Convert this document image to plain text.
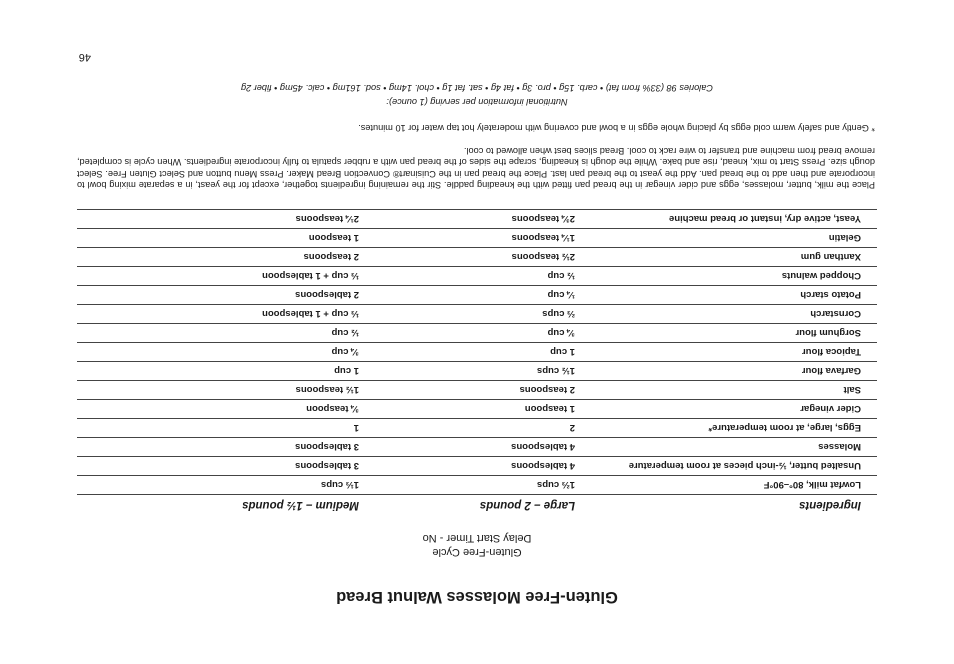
Gluten-Free Molasses Walnut Bread
Gluten-Free Cycle
Delay Start Timer - No
Ingredients	Large – 2 pounds	Medium – 1½ pounds
Lowfat milk, 80°–90°F	1⅔ cups	1⅓ cups
Unsalted butter, ½-inch pieces at room temperature	4 tablespoons	3 tablespoons
Molasses	4 tablespoons	3 tablespoons
Eggs, large, at room temperature*	2	1
Cider vinegar	1 teaspoon	¾ teaspoon
Salt	2 teaspoons	1½ teaspoons
Garfava flour	1½ cups	1 cup
Tapioca flour	1 cup	¾ cup
Sorghum flour	¾ cup	½ cup
Cornstarch	⅔ cups	⅓ cup + 1 tablespoon
Potato starch	¼ cup	2 tablespoons
Chopped walnuts	½ cup	⅓ cup + 1 tablespoon
Xanthan gum	2½ teaspoons	2 teaspoons
Gelatin	1¼ teaspoons	1 teaspoon
Yeast, active dry, instant or bread machine	2¾ teaspoons	2¼ teaspoons

Place the milk, butter, molasses, eggs and cider vinegar in the bread pan fitted with the kneading paddle. Stir the remaining ingredients together, except for the yeast, in a separate mixing bowl to incorporate and then add to the bread pan. Add the yeast to the bread pan last. Place the bread pan in the Cuisinart® Convection Bread Maker. Press Menu button and Select Gluten Free. Select dough size. Press Start to mix, knead, rise and bake. While the dough is kneading, scrape the sides of the bread pan with a rubber spatula to fully incorporate ingredients. When cycle is completed, remove bread from machine and transfer to wire rack to cool. Bread slices best when allowed to cool.

* Gently and safely warm cold eggs by placing whole eggs in a bowl and covering with moderately hot tap water for 10 minutes.

Nutritional information per serving (1 ounce):

Calories 98 (33% from fat) • carb. 15g • pro. 3g • fat 4g • sat. fat 1g • chol. 14mg • sod. 161mg • calc. 45mg • fiber 2g

46
